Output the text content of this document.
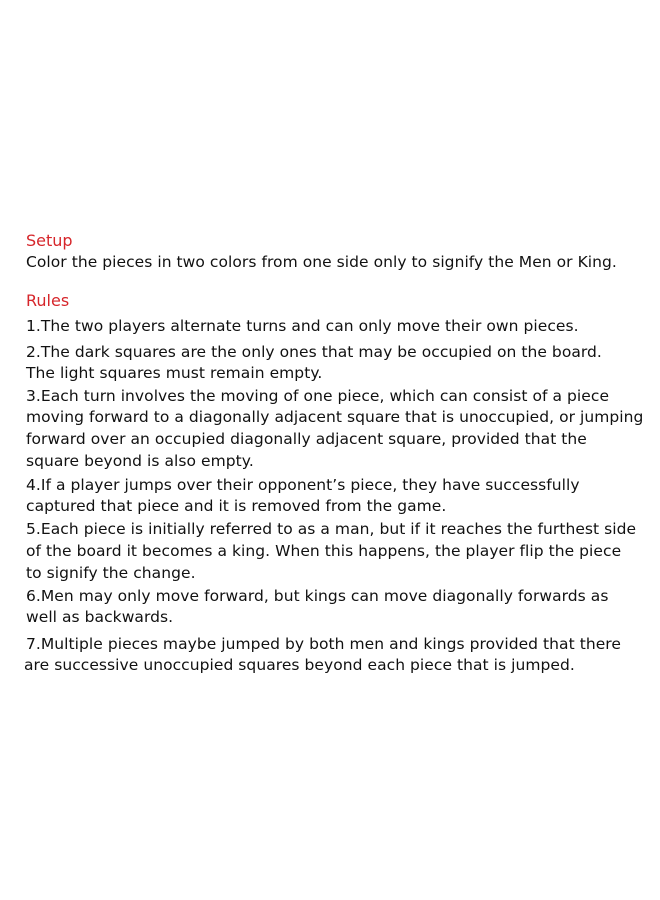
Setup
Color the pieces in two colors from one side only to signify the Men or King.
Rules
1.The two players alternate turns and can only move their own pieces.
2.The dark squares are the only ones that may be occupied on the board.
The light squares must remain empty.
3.Each turn involves the moving of one piece, which can consist of a piece
moving forward to a diagonally adjacent square that is unoccupied, or jumping
forward over an occupied diagonally adjacent square, provided that the
square beyond is also empty.
4.If a player jumps over their opponent’s piece, they have successfully
captured that piece and it is removed from the game.
5.Each piece is initially referred to as a man, but if it reaches the furthest side
of the board it becomes a king. When this happens, the player flip the piece
to signify the change.
6.Men may only move forward, but kings can move diagonally forwards as
well as backwards.
7.Multiple pieces maybe jumped by both men and kings provided that there
are successive unoccupied squares beyond each piece that is jumped.
